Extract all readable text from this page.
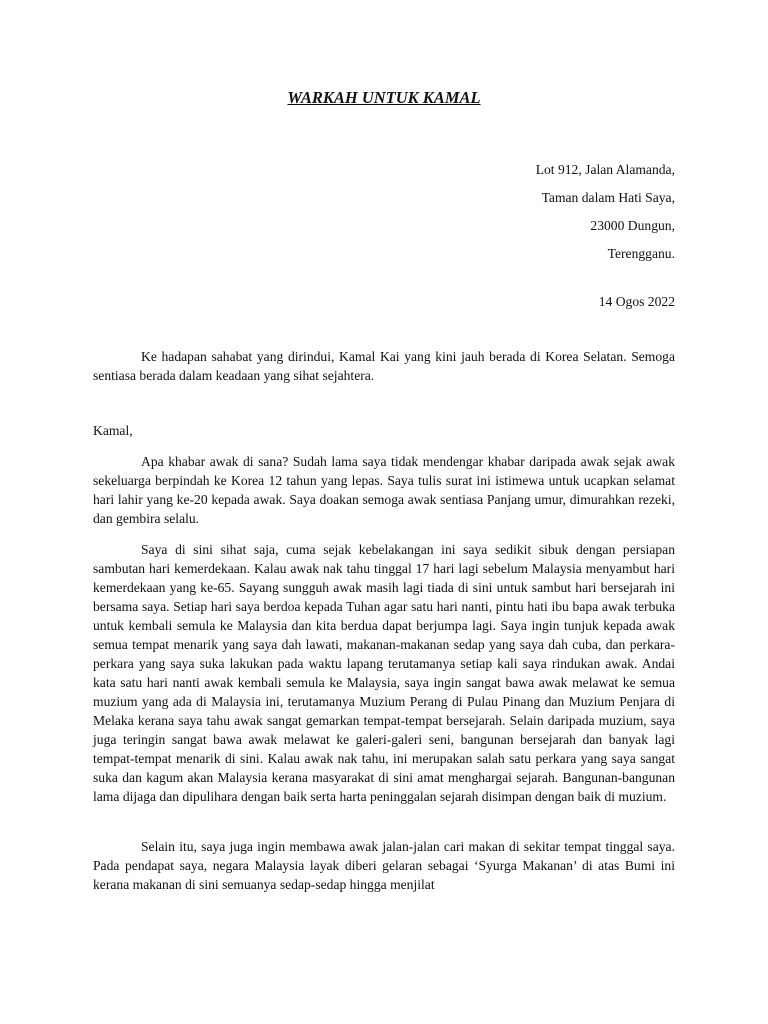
WARKAH UNTUK KAMAL
Lot 912, Jalan Alamanda,
Taman dalam Hati Saya,
23000 Dungun,
Terengganu.
14 Ogos 2022

Ke hadapan sahabat yang dirindui, Kamal Kai yang kini jauh berada di Korea Selatan. Semoga sentiasa berada dalam keadaan yang sihat sejahtera.

Kamal,

Apa khabar awak di sana? Sudah lama saya tidak mendengar khabar daripada awak sejak awak sekeluarga berpindah ke Korea 12 tahun yang lepas. Saya tulis surat ini istimewa untuk ucapkan selamat hari lahir yang ke-20 kepada awak. Saya doakan semoga awak sentiasa Panjang umur, dimurahkan rezeki, dan gembira selalu.

Saya di sini sihat saja, cuma sejak kebelakangan ini saya sedikit sibuk dengan persiapan sambutan hari kemerdekaan. Kalau awak nak tahu tinggal 17 hari lagi sebelum Malaysia menyambut hari kemerdekaan yang ke-65. Sayang sungguh awak masih lagi tiada di sini untuk sambut hari bersejarah ini bersama saya. Setiap hari saya berdoa kepada Tuhan agar satu hari nanti, pintu hati ibu bapa awak terbuka untuk kembali semula ke Malaysia dan kita berdua dapat berjumpa lagi. Saya ingin tunjuk kepada awak semua tempat menarik yang saya dah lawati, makanan-makanan sedap yang saya dah cuba, dan perkara-perkara yang saya suka lakukan pada waktu lapang terutamanya setiap kali saya rindukan awak. Andai kata satu hari nanti awak kembali semula ke Malaysia, saya ingin sangat bawa awak melawat ke semua muzium yang ada di Malaysia ini, terutamanya Muzium Perang di Pulau Pinang dan Muzium Penjara di Melaka kerana saya tahu awak sangat gemarkan tempat-tempat bersejarah. Selain daripada muzium, saya juga teringin sangat bawa awak melawat ke galeri-galeri seni, bangunan bersejarah dan banyak lagi tempat-tempat menarik di sini. Kalau awak nak tahu, ini merupakan salah satu perkara yang saya sangat suka dan kagum akan Malaysia kerana masyarakat di sini amat menghargai sejarah. Bangunan-bangunan lama dijaga dan dipulihara dengan baik serta harta peninggalan sejarah disimpan dengan baik di muzium.

Selain itu, saya juga ingin membawa awak jalan-jalan cari makan di sekitar tempat tinggal saya. Pada pendapat saya, negara Malaysia layak diberi gelaran sebagai ‘Syurga Makanan’ di atas Bumi ini kerana makanan di sini semuanya sedap-sedap hingga menjilat
